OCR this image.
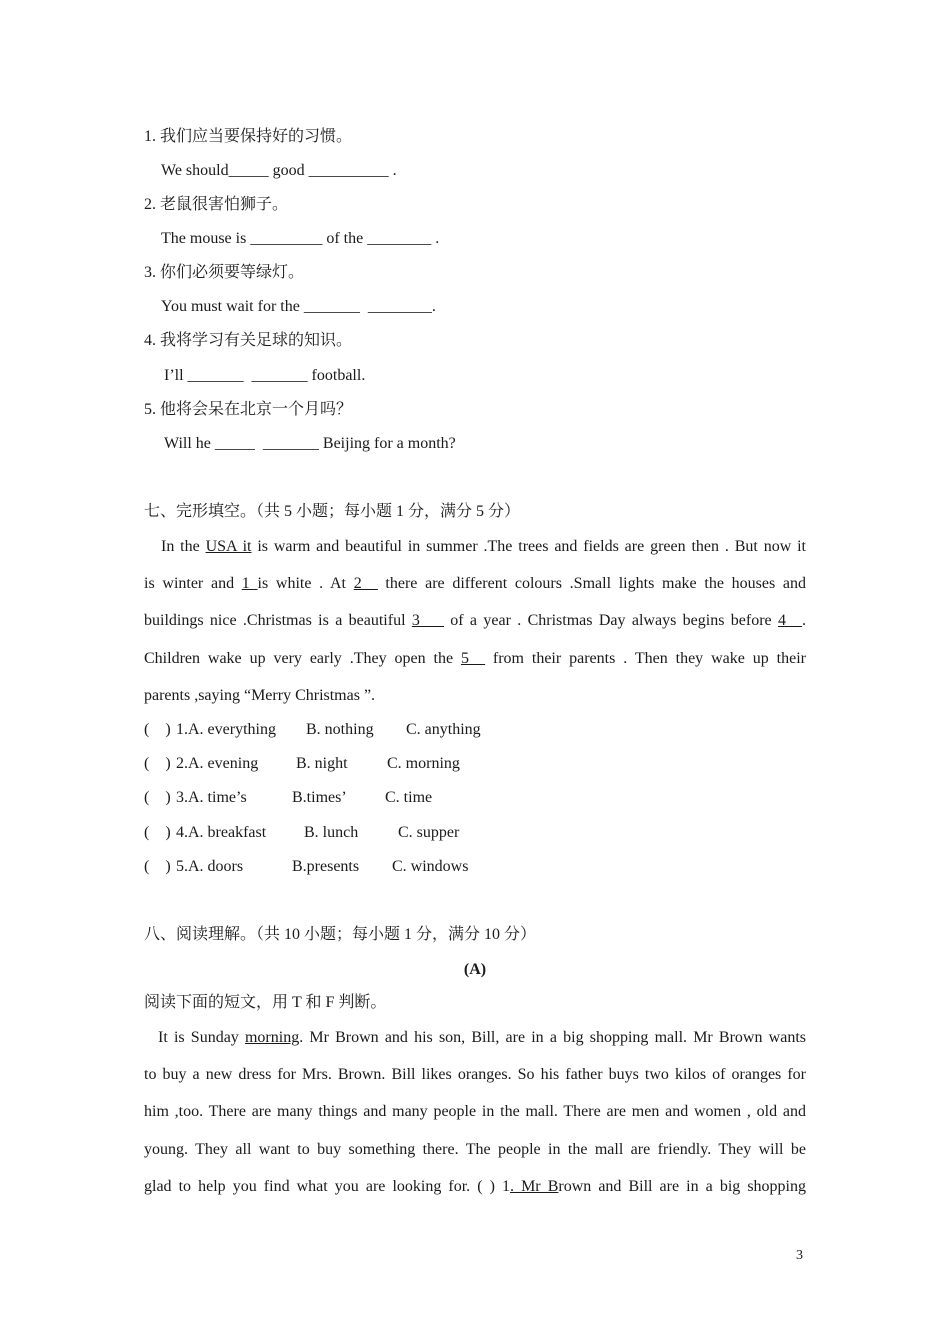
1. 我们应当要保持好的习惯。
We should_____ good __________ .
2. 老鼠很害怕狮子。
The mouse is _________ of the ________ .
3. 你们必须要等绿灯。
You must wait for the _______  ________.
4. 我将学习有关足球的知识。
I’ll _______  _______ football.
5. 他将会呆在北京一个月吗？
Will he _____  _______ Beijing for a month?
七、完形填空。（共 5 小题；每小题 1 分，满分 5 分）
In the USA it is warm and beautiful in summer .The trees and fields are green then . But now it
is winter and 1 is white . At 2__ there are different colours .Small lights make the houses and
buildings nice .Christmas is a beautiful 3___ of a year . Christmas Day always begins before 4__.
Children wake up very early .They open the 5__ from their parents . Then they wake up their
parents ,saying “Merry Christmas ”.
(    ) 1.A. everything B. nothing C. anything
(    ) 2.A. evening B. night C. morning
(    ) 3.A. time’s	B.times’ C. time
(    ) 4.A. breakfast B. lunch C. supper
(    ) 5.A. doors	B.presents C. windows
八、阅读理解。（共 10 小题；每小题 1 分，满分 10 分）
(A)
阅读下面的短文，用 T 和 F 判断。
It is Sunday morning. Mr Brown and his son, Bill, are in a big shopping mall. Mr Brown wants
to buy a new dress for Mrs. Brown. Bill likes oranges. So his father buys two kilos of oranges for
him ,too. There are many things and many people in the mall. There are men and women , old and
young. They all want to buy something there. The people in the mall are friendly. They will be
glad to help you find what you are looking for. ( ) 1. Mr Brown and Bill are in a big shopping
3
